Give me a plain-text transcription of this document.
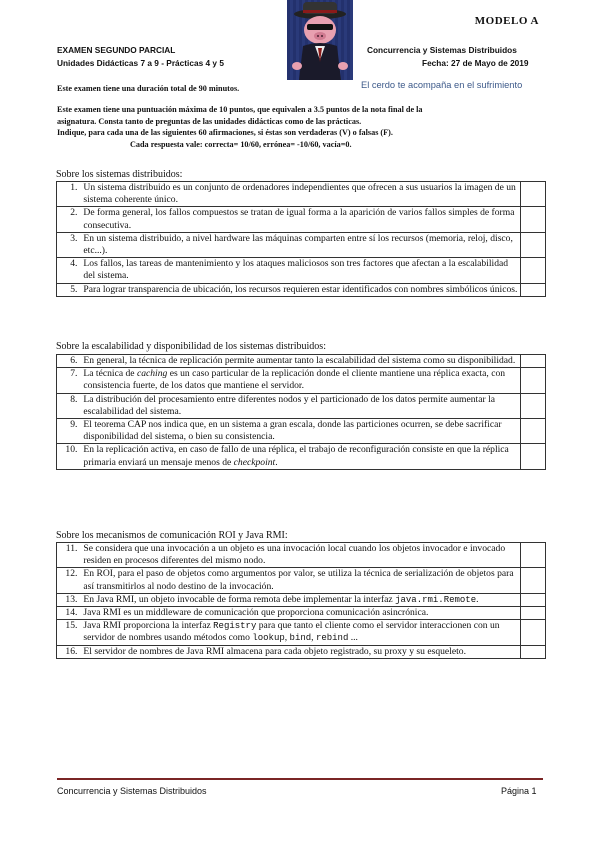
MODELO A
EXAMEN SEGUNDO PARCIAL
Unidades Didácticas 7 a 9 - Prácticas 4 y 5
Concurrencia y Sistemas Distribuidos
Fecha: 27 de Mayo de 2019
Este examen tiene una duración total de 90 minutos.	El cerdo te acompaña en el sufrimiento
Este examen tiene una puntuación máxima de 10 puntos, que equivalen a 3.5 puntos de la nota final de la
asignatura. Consta tanto de preguntas de las unidades didácticas como de las prácticas.
Indique, para cada una de las siguientes 60 afirmaciones, si éstas son verdaderas (V) o falsas (F).
Cada respuesta vale: correcta= 10/60, errónea= -10/60, vacía=0.
Sobre los sistemas distribuidos:
1.	Un sistema distribuido es un conjunto de ordenadores independientes que ofrecen a sus usuarios la imagen de un sistema coherente único.	
2.	De forma general, los fallos compuestos se tratan de igual forma a la aparición de varios fallos simples de forma consecutiva.	
3.	En un sistema distribuido, a nivel hardware las máquinas comparten entre sí los recursos (memoria, reloj, disco, etc...).	
4.	Los fallos, las tareas de mantenimiento y los ataques maliciosos son tres factores que afectan a la escalabilidad del sistema.	
5.	Para lograr transparencia de ubicación, los recursos requieren estar identificados con nombres simbólicos únicos.	
Sobre la escalabilidad y disponibilidad de los sistemas distribuidos:
6.	En general, la técnica de replicación permite aumentar tanto la escalabilidad del sistema como su disponibilidad.	
7.	La técnica de caching es un caso particular de la replicación donde el cliente mantiene una réplica exacta, con consistencia fuerte, de los datos que mantiene el servidor.	
8.	La distribución del procesamiento entre diferentes nodos y el particionado de los datos permite aumentar la escalabilidad del sistema.	
9.	El teorema CAP nos indica que, en un sistema a gran escala, donde las particiones ocurren, se debe sacrificar disponibilidad del sistema, o bien su consistencia.	
10.	En la replicación activa, en caso de fallo de una réplica, el trabajo de reconfiguración consiste en que la réplica primaria enviará un mensaje menos de checkpoint.	
Sobre los mecanismos de comunicación ROI y Java RMI:
11.	Se considera que una invocación a un objeto es una invocación local cuando los objetos invocador e invocado residen en procesos diferentes del mismo nodo.	
12.	En ROI, para el paso de objetos como argumentos por valor, se utiliza la técnica de serialización de objetos para así transmitirlos al nodo destino de la invocación.	
13.	En Java RMI, un objeto invocable de forma remota debe implementar la interfaz java.rmi.Remote.	
14.	Java RMI es un middleware de comunicación que proporciona comunicación asincrónica.	
15.	Java RMI proporciona la interfaz Registry para que tanto el cliente como el servidor interaccionen con un servidor de nombres usando métodos como lookup, bind, rebind ...	
16.	El servidor de nombres de Java RMI almacena para cada objeto registrado, su proxy y su esqueleto.	
Concurrencia y Sistemas Distribuidos	Página 1
